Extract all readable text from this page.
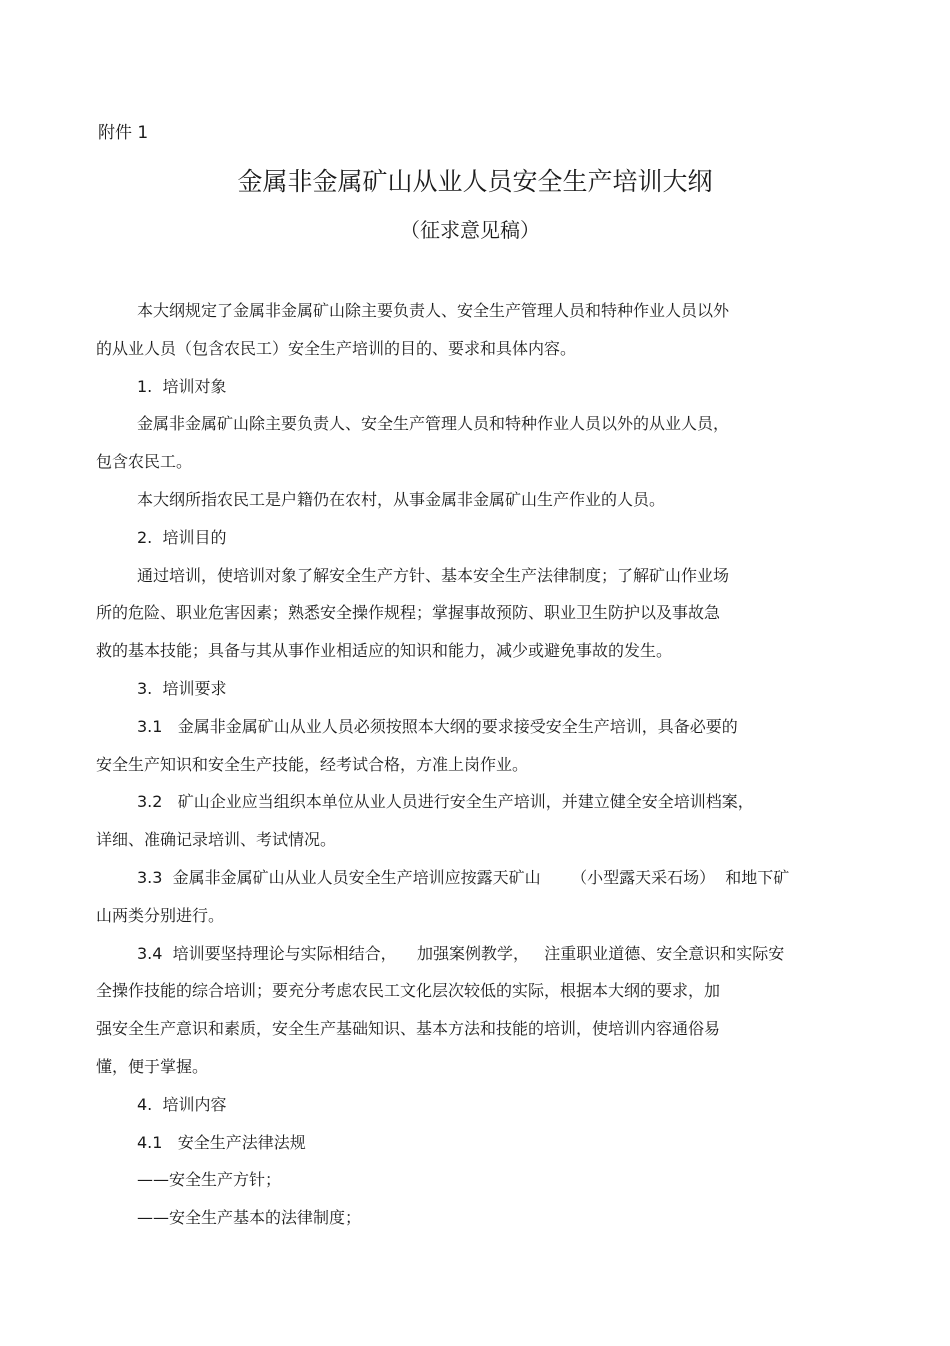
附件 1
金属非金属矿山从业人员安全生产培训大纲
（征求意见稿）
本大纲规定了金属非金属矿山除主要负责人、安全生产管理人员和特种作业人员以外
的从业人员（包含农民工）安全生产培训的目的、要求和具体内容。
1.  培训对象
金属非金属矿山除主要负责人、安全生产管理人员和特种作业人员以外的从业人员，
包含农民工。
本大纲所指农民工是户籍仍在农村，从事金属非金属矿山生产作业的人员。
2.  培训目的
通过培训，使培训对象了解安全生产方针、基本安全生产法律制度；了解矿山作业场
所的危险、职业危害因素；熟悉安全操作规程；掌握事故预防、职业卫生防护以及事故急
救的基本技能；具备与其从事作业相适应的知识和能力，减少或避免事故的发生。
3.  培训要求
3.1   金属非金属矿山从业人员必须按照本大纲的要求接受安全生产培训，具备必要的
安全生产知识和安全生产技能，经考试合格，方准上岗作业。
3.2   矿山企业应当组织本单位从业人员进行安全生产培训，并建立健全安全培训档案，
详细、准确记录培训、考试情况。
3.3  金属非金属矿山从业人员安全生产培训应按露天矿山      （小型露天采石场）  和地下矿
山两类分别进行。
3.4  培训要坚持理论与实际相结合，    加强案例教学，   注重职业道德、安全意识和实际安
全操作技能的综合培训；要充分考虑农民工文化层次较低的实际，根据本大纲的要求，加
强安全生产意识和素质，安全生产基础知识、基本方法和技能的培训，使培训内容通俗易
懂，便于掌握。
4.  培训内容
4.1   安全生产法律法规
——安全生产方针；
——安全生产基本的法律制度；
